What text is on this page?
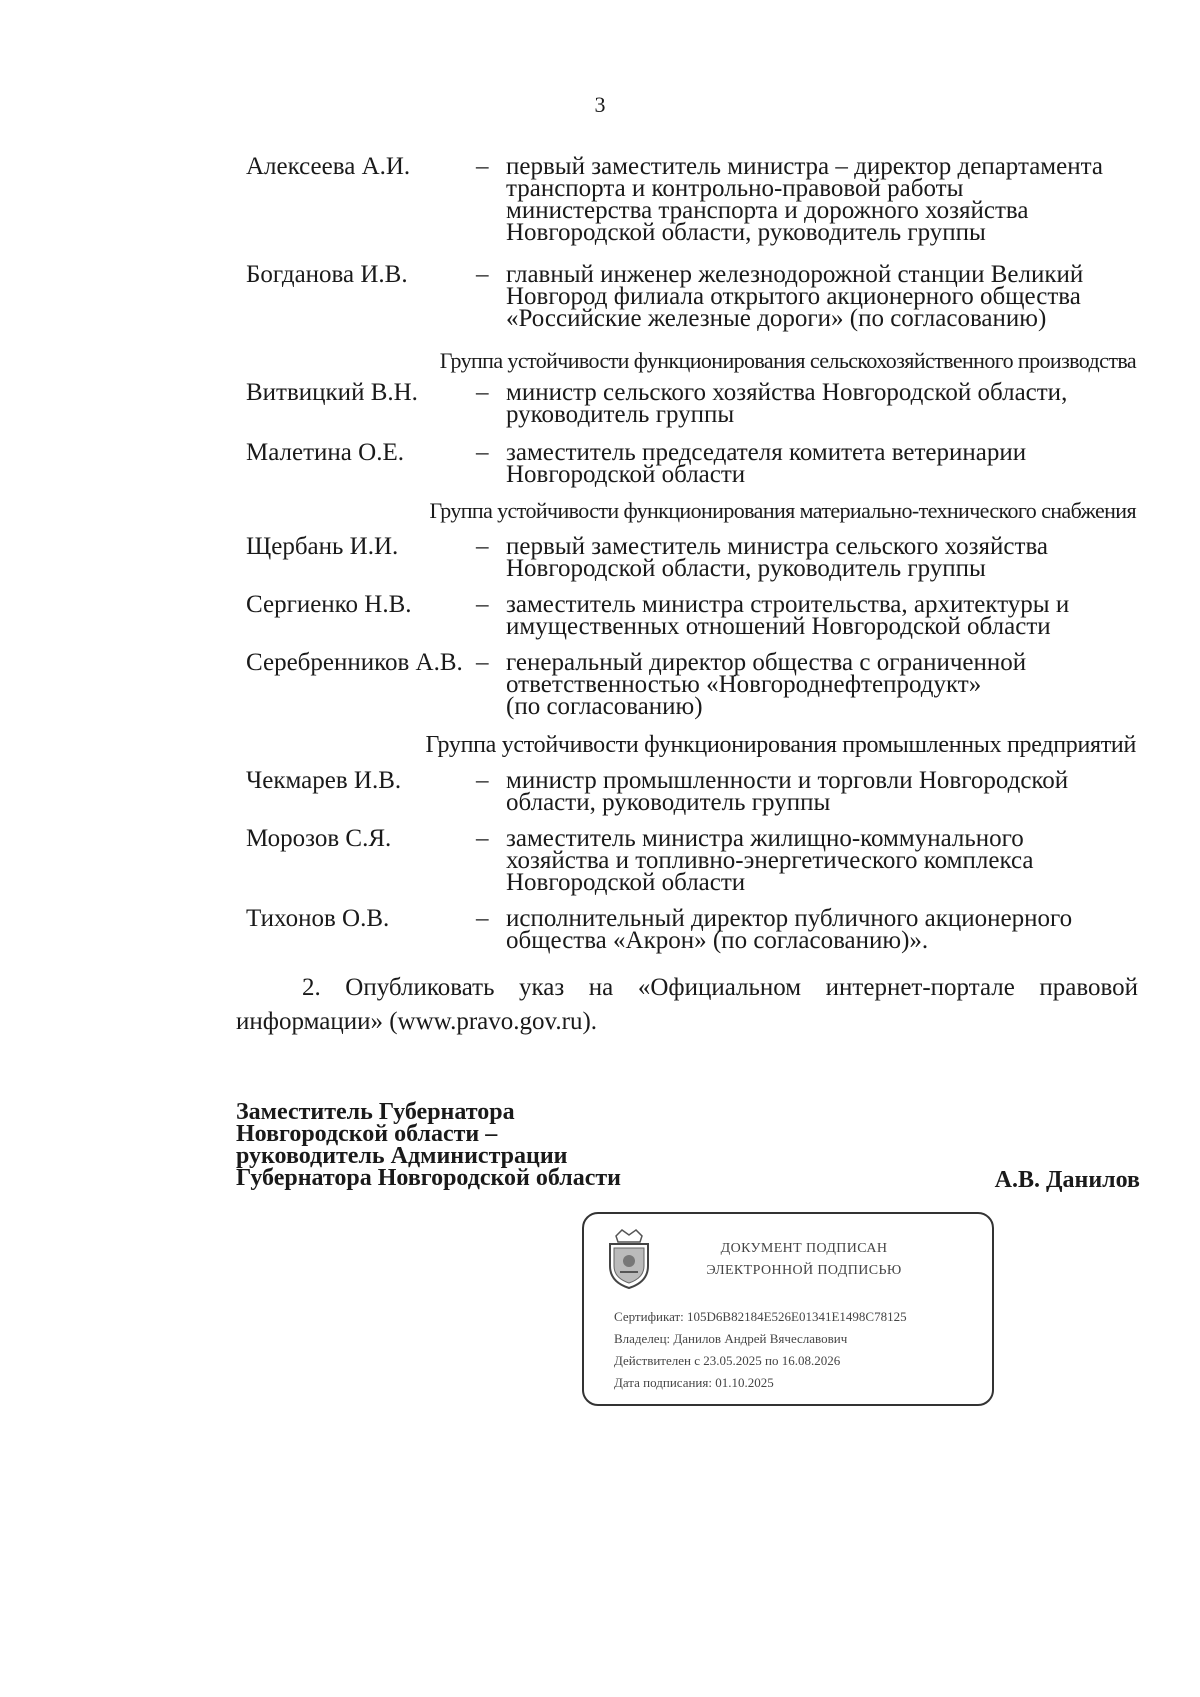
3
Алексеева А.И.	– первый заместитель министра – директор департамента
транспорта и контрольно-правовой работы
министерства транспорта и дорожного хозяйства
Новгородской области, руководитель группы
Богданова И.В.	– главный инженер железнодорожной станции Великий
Новгород филиала открытого акционерного общества
«Российские железные дороги» (по согласованию)
Группа устойчивости функционирования сельскохозяйственного производства
Витвицкий В.Н. – министр сельского хозяйства Новгородской области,
руководитель группы
Малетина О.Е.	– заместитель председателя комитета ветеринарии
Новгородской области
Группа устойчивости функционирования материально-технического снабжения
Щербань И.И.	– первый заместитель министра сельского хозяйства
Новгородской области, руководитель группы
Сергиенко Н.В.	– заместитель министра строительства, архитектуры и
имущественных отношений Новгородской области
Серебренников А.В. – генеральный директор общества с ограниченной
ответственностью «Новгороднефтепродукт»
(по согласованию)
Группа устойчивости функционирования промышленных предприятий
Чекмарев И.В.	– министр промышленности и торговли Новгородской
области, руководитель группы
Морозов С.Я.	– заместитель министра жилищно-коммунального
хозяйства и топливно-энергетического комплекса
Новгородской области
Тихонов О.В.	– исполнительный директор публичного акционерного
общества «Акрон» (по согласованию)».
2. Опубликовать указ на «Официальном интернет-портале правовой информации» (www.pravo.gov.ru).
Заместитель Губернатора
Новгородской области –
руководитель Администрации
Губернатора Новгородской области	А.В. Данилов
ДОКУМЕНТ ПОДПИСАН
ЭЛЕКТРОННОЙ ПОДПИСЬЮ
Сертификат: 105D6B82184E526E01341E1498C78125
Владелец: Данилов Андрей Вячеславович
Действителен с 23.05.2025 по 16.08.2026
Дата подписания: 01.10.2025
